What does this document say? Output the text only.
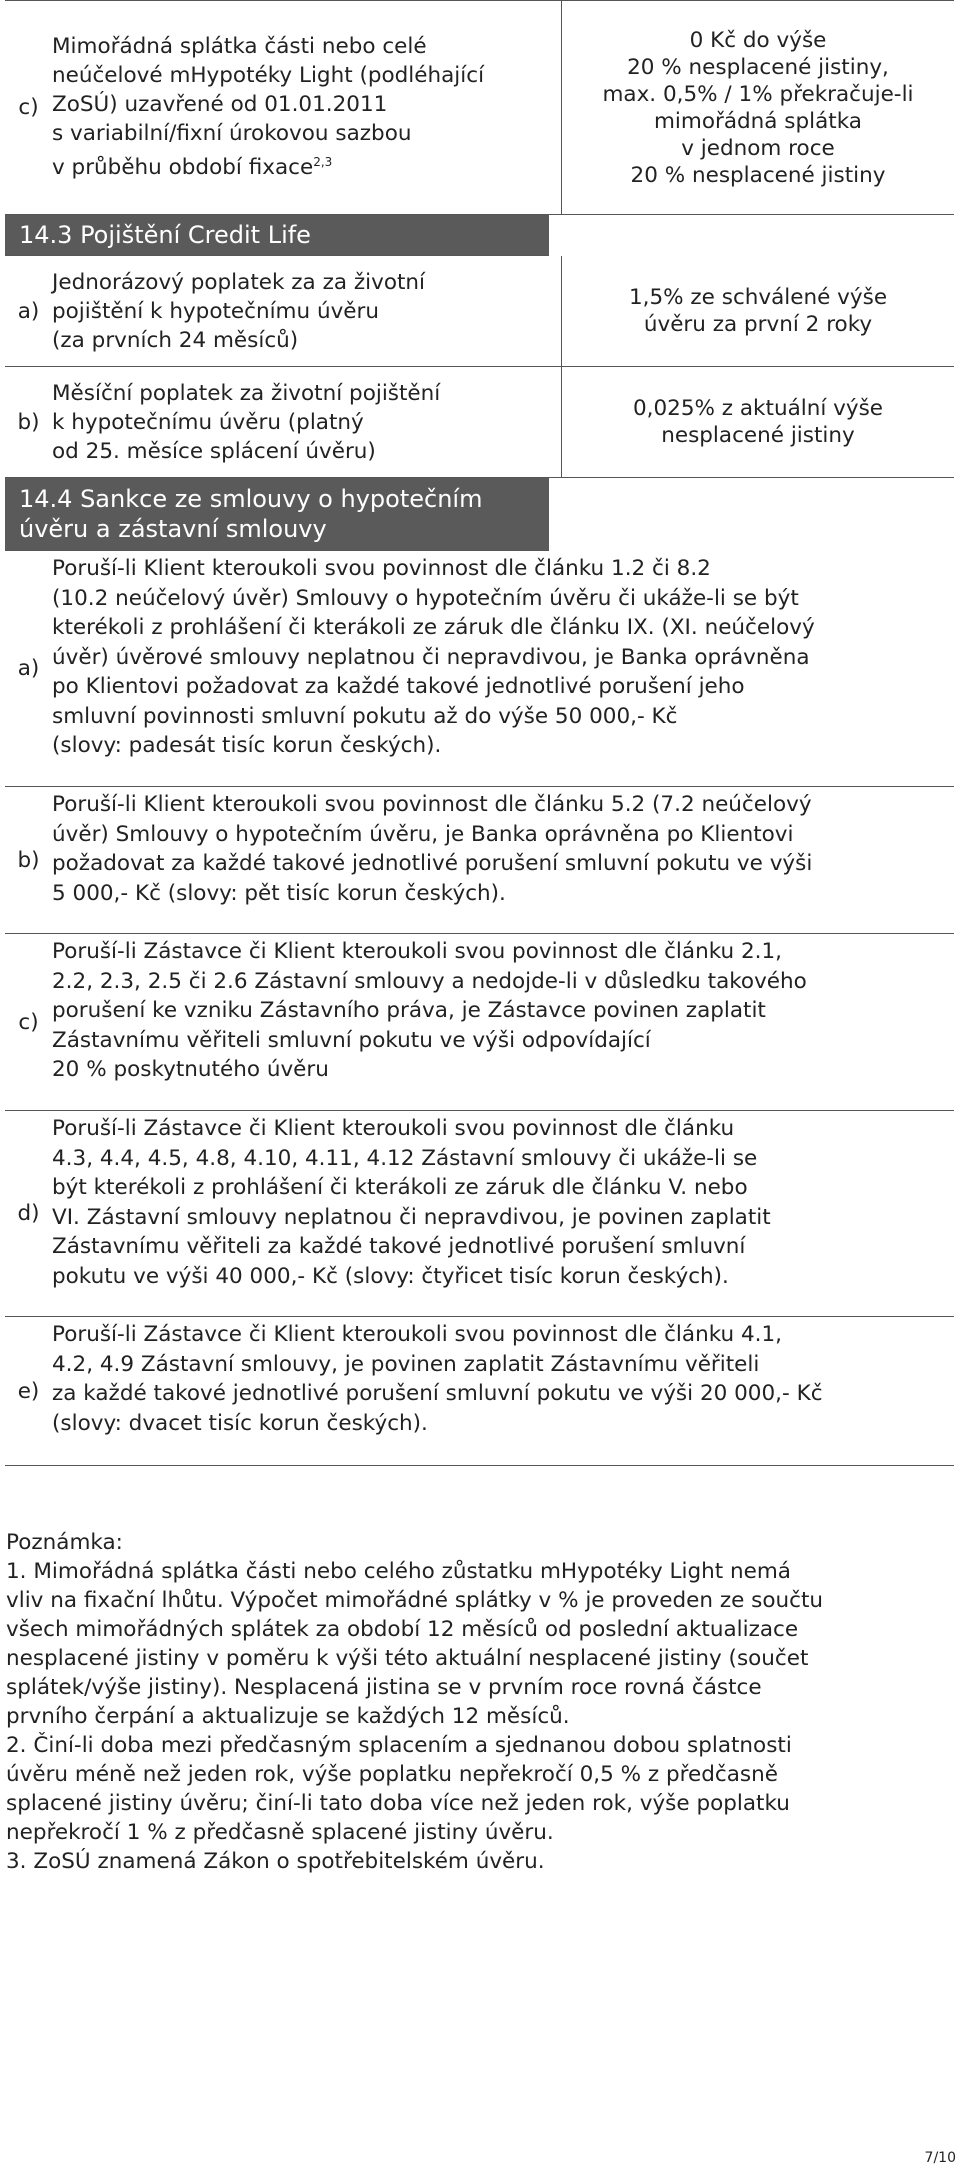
c)
Mimořádná splátka části nebo celé
neúčelové mHypotéky Light (podléhající
ZoSÚ) uzavřené od 01.01.2011
s variabilní/fixní úrokovou sazbou
v průběhu období fixace$^{2,3}$
0 Kč do výše
20 % nesplacené jistiny,
max. 0,5% / 1% překračuje-li
mimořádná splátka
v jednom roce
20 % nesplacené jistiny
14.3 Pojištění Credit Life
a)
Jednorázový poplatek za za životní
pojištění k hypotečnímu úvěru
(za prvních 24 měsíců)
1,5% ze schválené výše
úvěru za první 2 roky
b)
Měsíční poplatek za životní pojištění
k hypotečnímu úvěru (platný
od 25. měsíce splácení úvěru)
0,025% z aktuální výše
nesplacené jistiny
14.4 Sankce ze smlouvy o hypotečním
úvěru a zástavní smlouvy
a)
Poruší-li Klient kteroukoli svou povinnost dle článku 1.2 či 8.2
(10.2 neúčelový úvěr) Smlouvy o hypotečním úvěru či ukáže-li se být
kterékoli z prohlášení či kterákoli ze záruk dle článku IX. (XI. neúčelový
úvěr) úvěrové smlouvy neplatnou či nepravdivou, je Banka oprávněna
po Klientovi požadovat za každé takové jednotlivé porušení jeho
smluvní povinnosti smluvní pokutu až do výše 50 000,- Kč
(slovy: padesát tisíc korun českých).
b)
Poruší-li Klient kteroukoli svou povinnost dle článku 5.2 (7.2 neúčelový
úvěr) Smlouvy o hypotečním úvěru, je Banka oprávněna po Klientovi
požadovat za každé takové jednotlivé porušení smluvní pokutu ve výši
5 000,- Kč (slovy: pět tisíc korun českých).
c)
Poruší-li Zástavce či Klient kteroukoli svou povinnost dle článku 2.1,
2.2, 2.3, 2.5 či 2.6 Zástavní smlouvy a nedojde-li v důsledku takového
porušení ke vzniku Zástavního práva, je Zástavce povinen zaplatit
Zástavnímu věřiteli smluvní pokutu ve výši odpovídající
20 % poskytnutého úvěru
d)
Poruší-li Zástavce či Klient kteroukoli svou povinnost dle článku
4.3, 4.4, 4.5, 4.8, 4.10, 4.11, 4.12 Zástavní smlouvy či ukáže-li se
být kterékoli z prohlášení či kterákoli ze záruk dle článku V. nebo
VI. Zástavní smlouvy neplatnou či nepravdivou, je povinen zaplatit
Zástavnímu věřiteli za každé takové jednotlivé porušení smluvní
pokutu ve výši 40 000,- Kč (slovy: čtyřicet tisíc korun českých).
e)
Poruší-li Zástavce či Klient kteroukoli svou povinnost dle článku 4.1,
4.2, 4.9 Zástavní smlouvy, je povinen zaplatit Zástavnímu věřiteli
za každé takové jednotlivé porušení smluvní pokutu ve výši 20 000,- Kč
(slovy: dvacet tisíc korun českých).

Poznámka:

1. Mimořádná splátka části nebo celého zůstatku mHypotéky Light nemá
vliv na fixační lhůtu. Výpočet mimořádné splátky v % je proveden ze součtu
všech mimořádných splátek za období 12 měsíců od poslední aktualizace
nesplacené jistiny v poměru k výši této aktuální nesplacené jistiny (součet
splátek/výše jistiny). Nesplacená jistina se v prvním roce rovná částce
prvního čerpání a aktualizuje se každých 12 měsíců.

2. Činí-li doba mezi předčasným splacením a sjednanou dobou splatnosti
úvěru méně než jeden rok, výše poplatku nepřekročí 0,5 % z předčasně
splacené jistiny úvěru; činí-li tato doba více než jeden rok, výše poplatku
nepřekročí 1 % z předčasně splacené jistiny úvěru.

3. ZoSÚ znamená Zákon o spotřebitelském úvěru.

7/10
